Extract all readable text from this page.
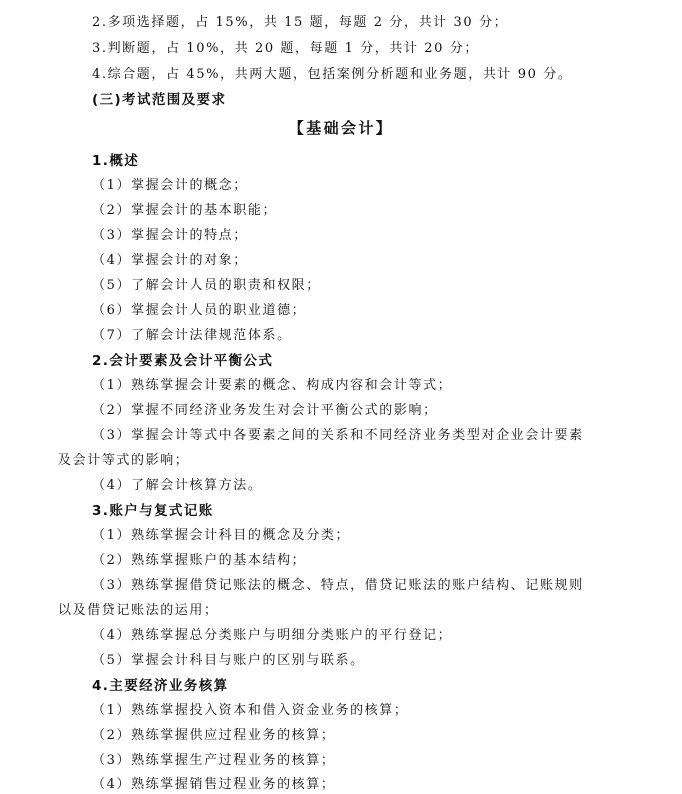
2.多项选择题，占 15%，共 15 题，每题 2 分，共计 30 分；
3.判断题，占 10%，共 20 题，每题 1 分，共计 20 分；
4.综合题，占 45%，共两大题，包括案例分析题和业务题，共计 90 分。
(三)考试范围及要求
【基础会计】
1.概述
（1）掌握会计的概念；
（2）掌握会计的基本职能；
（3）掌握会计的特点；
（4）掌握会计的对象；
（5）了解会计人员的职责和权限；
（6）掌握会计人员的职业道德；
（7）了解会计法律规范体系。
2.会计要素及会计平衡公式
（1）熟练掌握会计要素的概念、构成内容和会计等式；
（2）掌握不同经济业务发生对会计平衡公式的影响；
（3）掌握会计等式中各要素之间的关系和不同经济业务类型对企业会计要素
及会计等式的影响；
（4）了解会计核算方法。
3.账户与复式记账
（1）熟练掌握会计科目的概念及分类；
（2）熟练掌握账户的基本结构；
（3）熟练掌握借贷记账法的概念、特点，借贷记账法的账户结构、记账规则
以及借贷记账法的运用；
（4）熟练掌握总分类账户与明细分类账户的平行登记；
（5）掌握会计科目与账户的区别与联系。
4.主要经济业务核算
（1）熟练掌握投入资本和借入资金业务的核算；
（2）熟练掌握供应过程业务的核算；
（3）熟练掌握生产过程业务的核算；
（4）熟练掌握销售过程业务的核算；
